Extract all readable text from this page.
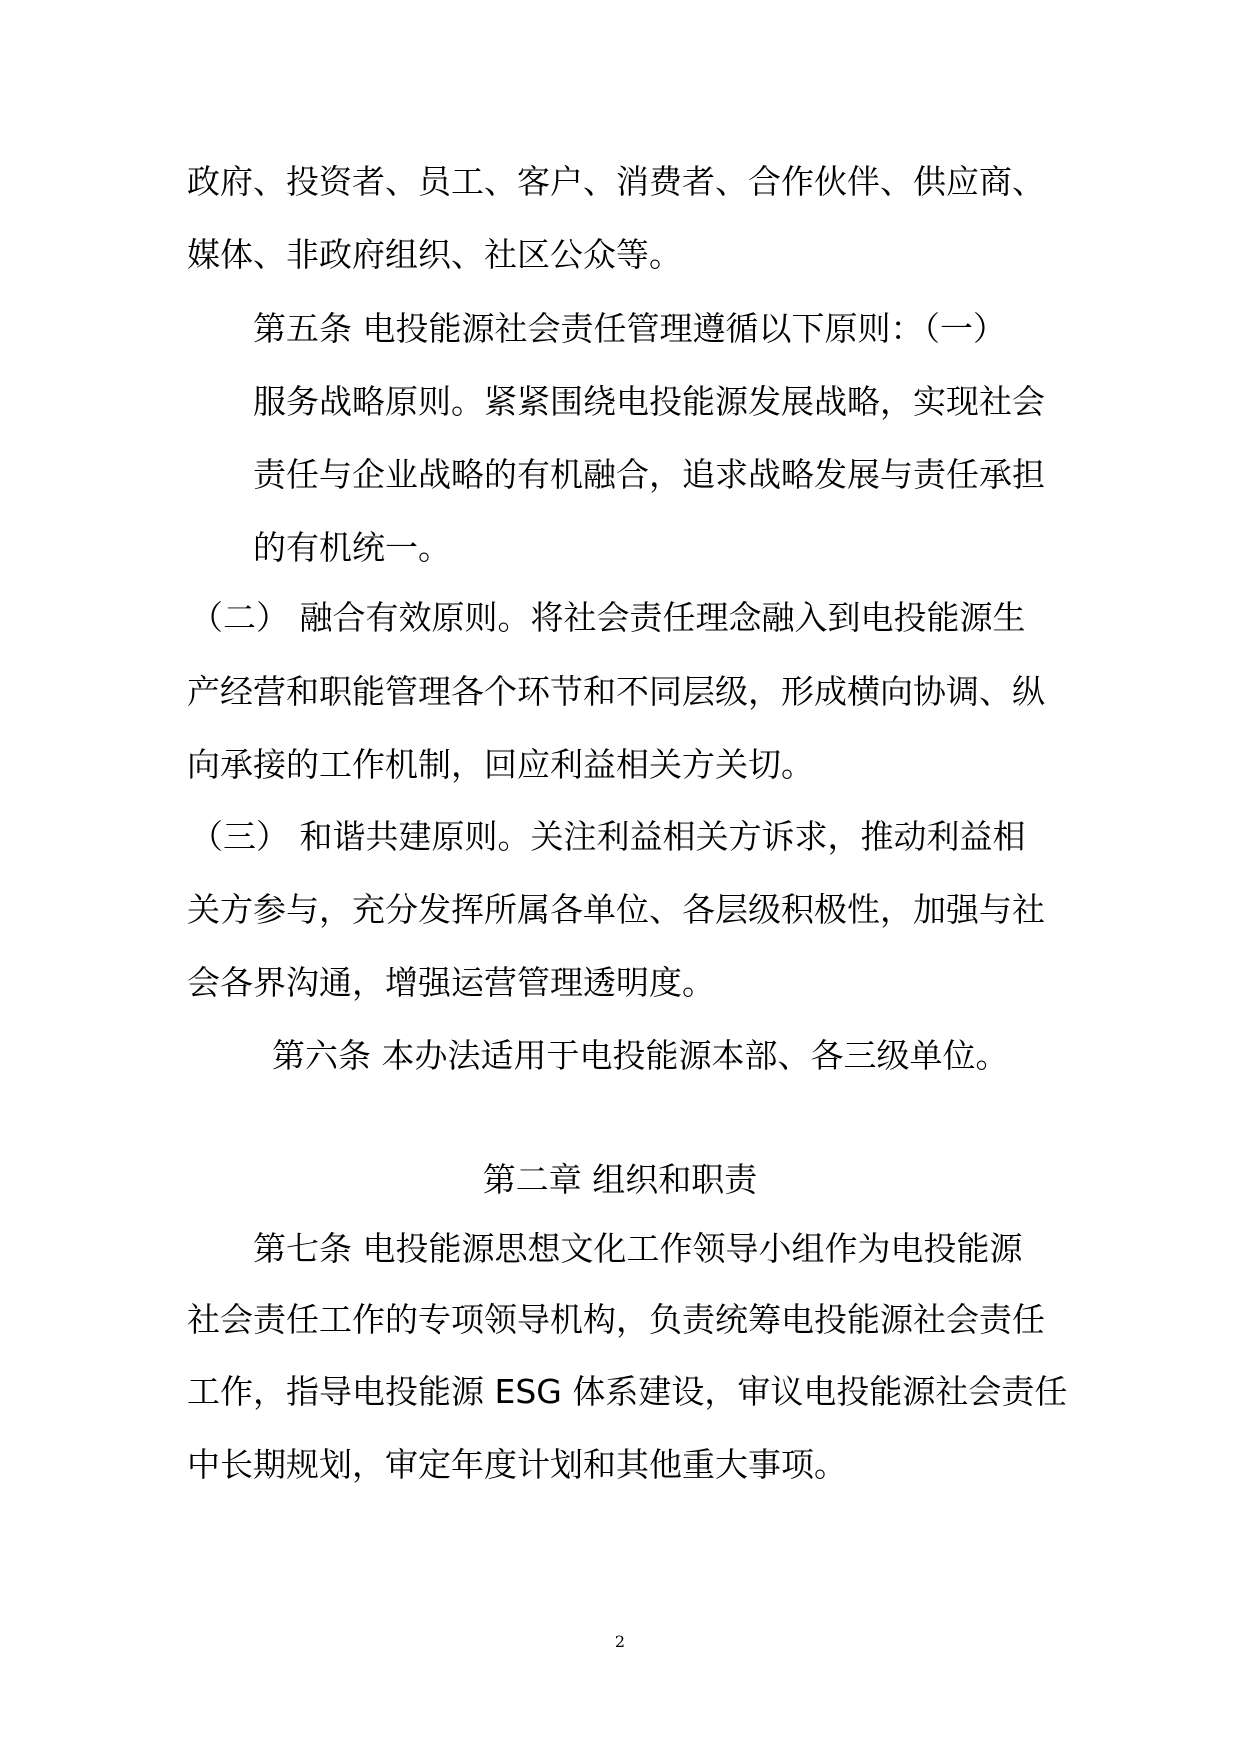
政府、投资者、员工、客户、消费者、合作伙伴、供应商、
媒体、非政府组织、社区公众等。
第五条 电投能源社会责任管理遵循以下原则：（一）
服务战略原则。紧紧围绕电投能源发展战略，实现社会
责任与企业战略的有机融合，追求战略发展与责任承担
的有机统一。
（二） 融合有效原则。将社会责任理念融入到电投能源生
产经营和职能管理各个环节和不同层级，形成横向协调、纵
向承接的工作机制，回应利益相关方关切。
（三） 和谐共建原则。关注利益相关方诉求，推动利益相
关方参与，充分发挥所属各单位、各层级积极性，加强与社
会各界沟通，增强运营管理透明度。
第六条 本办法适用于电投能源本部、各三级单位。
第二章 组织和职责
第七条 电投能源思想文化工作领导小组作为电投能源
社会责任工作的专项领导机构，负责统筹电投能源社会责任
工作，指导电投能源 ESG 体系建设，审议电投能源社会责任
中长期规划，审定年度计划和其他重大事项。
2
